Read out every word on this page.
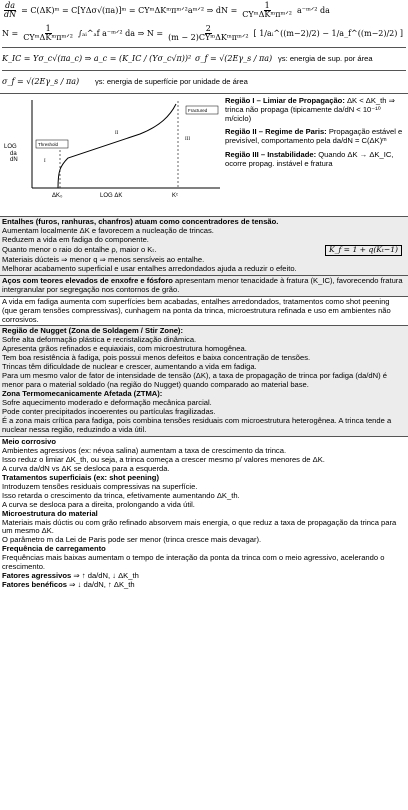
$\frac{da}{dN}$ = C(ΔK)ᵐ = C[YΔσ√(πa)]ᵐ = CYᵐΔKᵐπᵐᐟ²aᵐᐟ² ⇒ dN = $\frac{1}{\text{CYᵐΔKᵐπᵐᐟ²}}$ a⁻ᵐᐟ² da
$N = \frac{1}{\text{CYᵐΔKᵐπᵐᐟ²}}$ ∫ₐᵢ^ₐf a⁻ᵐᐟ² da ⇒ $N = \frac{2}{\text{(m − 2)CYᵐΔKᵐπᵐᐟ²}}$ [ 1/aᵢ^((m−2)/2) − 1/a_f^((m−2)/2) ]
K_IC = Yσ_c√(πa_c) ⇒ a_c = (K_IC / (Yσ_c√π))² σ_f = √(2Eγ_s / πa) γs: energia de sup. por área
σ_f = √(2Eγ_s / πa)	γs: energia de superfície por unidade de área
LOG
da
dN
Threshold
Fractured
I
II
III
ΔK₀	LOG ΔK	Kᶜ

Região I – Limiar de Propagação: ΔK < ΔK_th ⇒ trinca não propaga (tipicamente da/dN < 10⁻¹⁰ m/ciclo)

Região II – Regime de Paris: Propagação estável e previsível, comportamento pela da/dN = C(ΔK)ᵐ

Região III – Instabilidade: Quando ΔK → ΔK_IC, ocorre propag. instável e fratura

Entalhes (furos, ranhuras, chanfros) atuam como concentradores de tensão.
Aumentam localmente ΔK e favorecem a nucleação de trincas.
Reduzem a vida em fadiga do componente.
Quanto menor o raio do entalhe ρ, maior o Kₜ.	K_f = 1 + q(Kₜ−1)
Materiais dúcteis ⇒ menor q ⇒ menos sensíveis ao entalhe.
Melhorar acabamento superficial e usar entalhes arredondados ajuda a reduzir o efeito.
Aços com teores elevados de enxofre e fósforo apresentam menor tenacidade à fratura (K_IC), favorecendo fratura intergranular por segregação nos contornos de grão.
A vida em fadiga aumenta com superfícies bem acabadas, entalhes arredondados, tratamentos como shot peening (que geram tensões compressivas), cunhagem na ponta da trinca, microestrutura refinada e uso em ambientes não corrosivos.
Região de Nugget (Zona de Soldagem / Stir Zone):
Sofre alta deformação plástica e recristalização dinâmica.
Apresenta grãos refinados e equiaxiais, com microestrutura homogênea.
Tem boa resistência à fadiga, pois possui menos defeitos e baixa concentração de tensões.
Trincas têm dificuldade de nuclear e crescer, aumentando a vida em fadiga.
Para um mesmo valor de fator de intensidade de tensão (ΔK), a taxa de propagação de trinca por fadiga (da/dN) é menor para o material soldado (na região do Nugget) quando comparado ao material base.
Zona Termomecanicamente Afetada (ZTMA):
Sofre aquecimento moderado e deformação mecânica parcial.
Pode conter precipitados incoerentes ou partículas fragilizadas.
É a zona mais crítica para fadiga, pois combina tensões residuais com microestrutura heterogênea. A trinca tende a nuclear nessa região, reduzindo a vida útil.
Meio corrosivo
Ambientes agressivos (ex: névoa salina) aumentam a taxa de crescimento da trinca.
Isso reduz o limiar ΔK_th, ou seja, a trinca começa a crescer mesmo p/ valores menores de ΔK.
A curva da/dN vs ΔK se desloca para a esquerda.
Tratamentos superficiais (ex: shot peening)
Introduzem tensões residuais compressivas na superfície.
Isso retarda o crescimento da trinca, efetivamente aumentando ΔK_th.
A curva se desloca para a direita, prolongando a vida útil.
Microestrutura do material
Materiais mais dúctis ou com grão refinado absorvem mais energia, o que reduz a taxa de propagação da trinca para um mesmo ΔK.
O parâmetro m da Lei de Paris pode ser menor (trinca cresce mais devagar).
Frequência de carregamento
Frequências mais baixas aumentam o tempo de interação da ponta da trinca com o meio agressivo, acelerando o crescimento.
Fatores agressivos ⇒ ↑ da/dN, ↓ ΔK_th
Fatores benéficos ⇒ ↓ da/dN, ↑ ΔK_th
